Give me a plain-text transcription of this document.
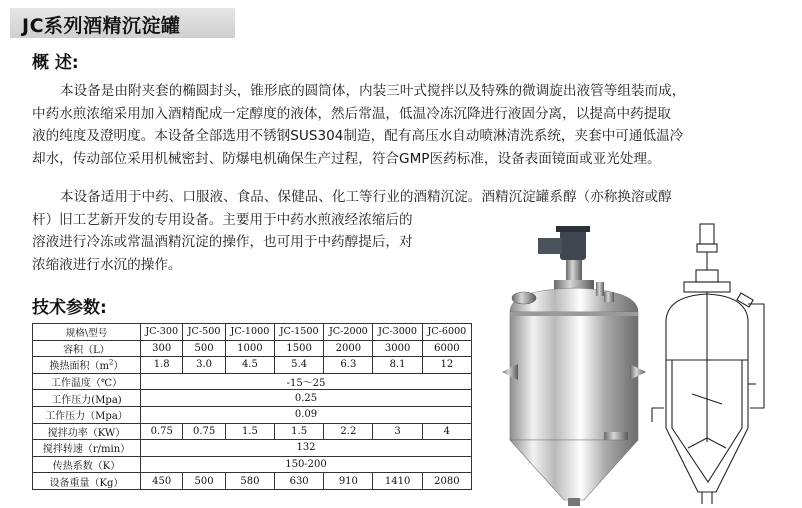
JC系列酒精沉淀罐
概 述:
本设备是由附夹套的椭圆封头，锥形底的圆筒体，内装三叶式搅拌以及特殊的微调旋出液管等组装而成，
中药水煎浓缩采用加入酒精配成一定醇度的液体，然后常温，低温冷冻沉降进行液固分离，以提高中药提取
液的纯度及澄明度。本设备全部选用不锈钢SUS304制造，配有高压水自动喷淋清洗系统，夹套中可通低温冷
却水，传动部位采用机械密封、防爆电机确保生产过程，符合GMP医药标准，设备表面镜面或亚光处理。
本设备适用于中药、口服液、食品、保健品、化工等行业的酒精沉淀。酒精沉淀罐系醇（亦称换溶或醇
杆）旧工艺新开发的专用设备。主要用于中药水煎液经浓缩后的
溶液进行冷冻或常温酒精沉淀的操作，也可用于中药醇提后，对
浓缩液进行水沉的操作。
技术参数:
规格\型号	JC-300	JC-500	JC-1000	JC-1500	JC-2000	JC-3000	JC-6000
容积（L）	300	500	1000	1500	2000	3000	6000
换热面积$(m^2)$	1.8	3.0	4.5	5.4	6.3	8.1	12
工作温度（℃）	-15～25						
工作压力(Mpa)	0.25						
工作压力（Mpa）	0.09						
搅拌功率（KW）	0.75	0.75	1.5	1.5	2.2	3	4
搅拌转速（r/min）	132						
传热系数（K）	150-200						
设备重量（Kg）	450	500	580	630	910	1410	2080
